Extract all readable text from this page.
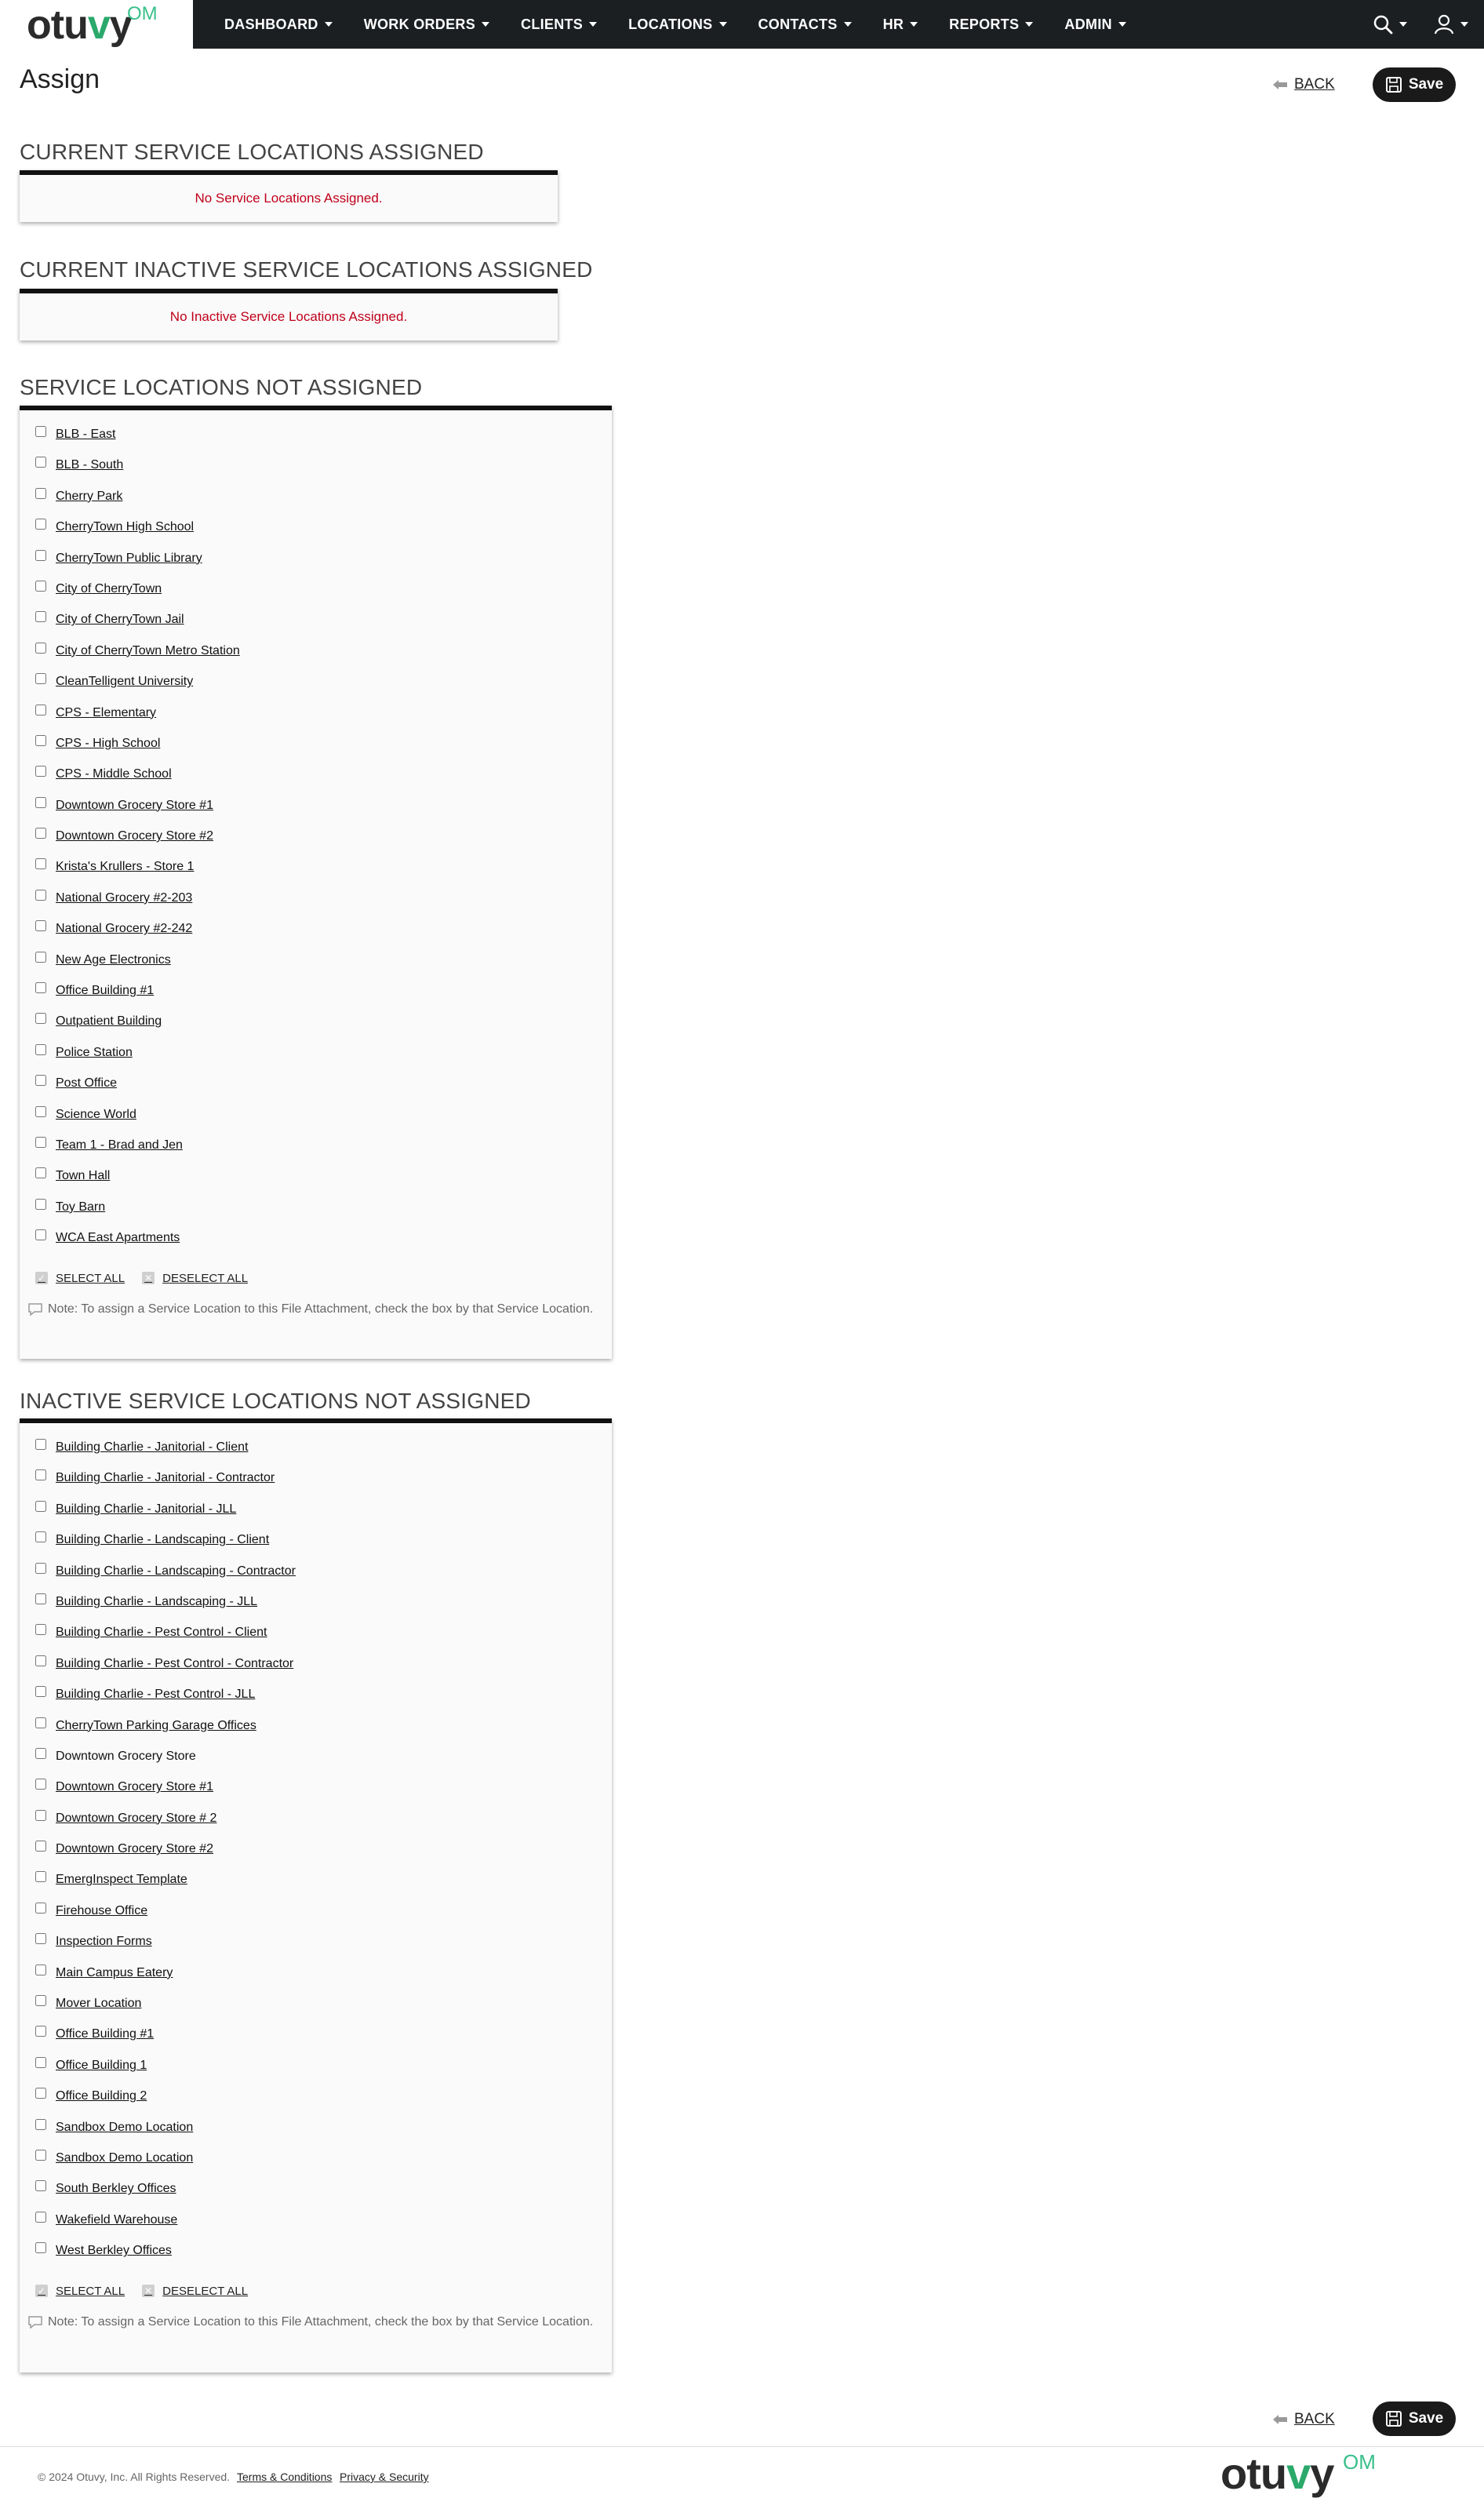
otuvy
OM	DASHBOARD	WORK ORDERS	CLIENTS	LOCATIONS	CONTACTS	HR	REPORTS	ADMIN
Assign	BACK	Save
CURRENT SERVICE LOCATIONS ASSIGNED
No Service Locations Assigned.
CURRENT INACTIVE SERVICE LOCATIONS ASSIGNED
No Inactive Service Locations Assigned.
SERVICE LOCATIONS NOT ASSIGNED
BLB - East
BLB - South
Cherry Park
CherryTown High School
CherryTown Public Library
City of CherryTown
City of CherryTown Jail
City of CherryTown Metro Station
CleanTelligent University
CPS - Elementary
CPS - High School
CPS - Middle School
Downtown Grocery Store #1
Downtown Grocery Store #2
Krista's Krullers - Store 1
National Grocery #2-203
National Grocery #2-242
New Age Electronics
Office Building #1
Outpatient Building
Police Station
Post Office
Science World
Team 1 - Brad and Jen
Town Hall
Toy Barn
WCA East Apartments
✓ SELECT ALL ✕ DESELECT ALL
Note: To assign a Service Location to this File Attachment, check the box by that Service Location.
INACTIVE SERVICE LOCATIONS NOT ASSIGNED
Building Charlie - Janitorial - Client
Building Charlie - Janitorial - Contractor
Building Charlie - Janitorial - JLL
Building Charlie - Landscaping - Client
Building Charlie - Landscaping - Contractor
Building Charlie - Landscaping - JLL
Building Charlie - Pest Control - Client
Building Charlie - Pest Control - Contractor
Building Charlie - Pest Control - JLL
CherryTown Parking Garage Offices
Downtown Grocery Store
Downtown Grocery Store #1
Downtown Grocery Store # 2
Downtown Grocery Store #2
EmergInspect Template
Firehouse Office
Inspection Forms
Main Campus Eatery
Mover Location
Office Building #1
Office Building 1
Office Building 2
Sandbox Demo Location
Sandbox Demo Location
South Berkley Offices
Wakefield Warehouse
West Berkley Offices
✓ SELECT ALL ✕ DESELECT ALL
Note: To assign a Service Location to this File Attachment, check the box by that Service Location.
BACK	Save
© 2024 Otuvy, Inc. All Rights Reserved. Terms & Conditions Privacy & Security	otuvy OM
